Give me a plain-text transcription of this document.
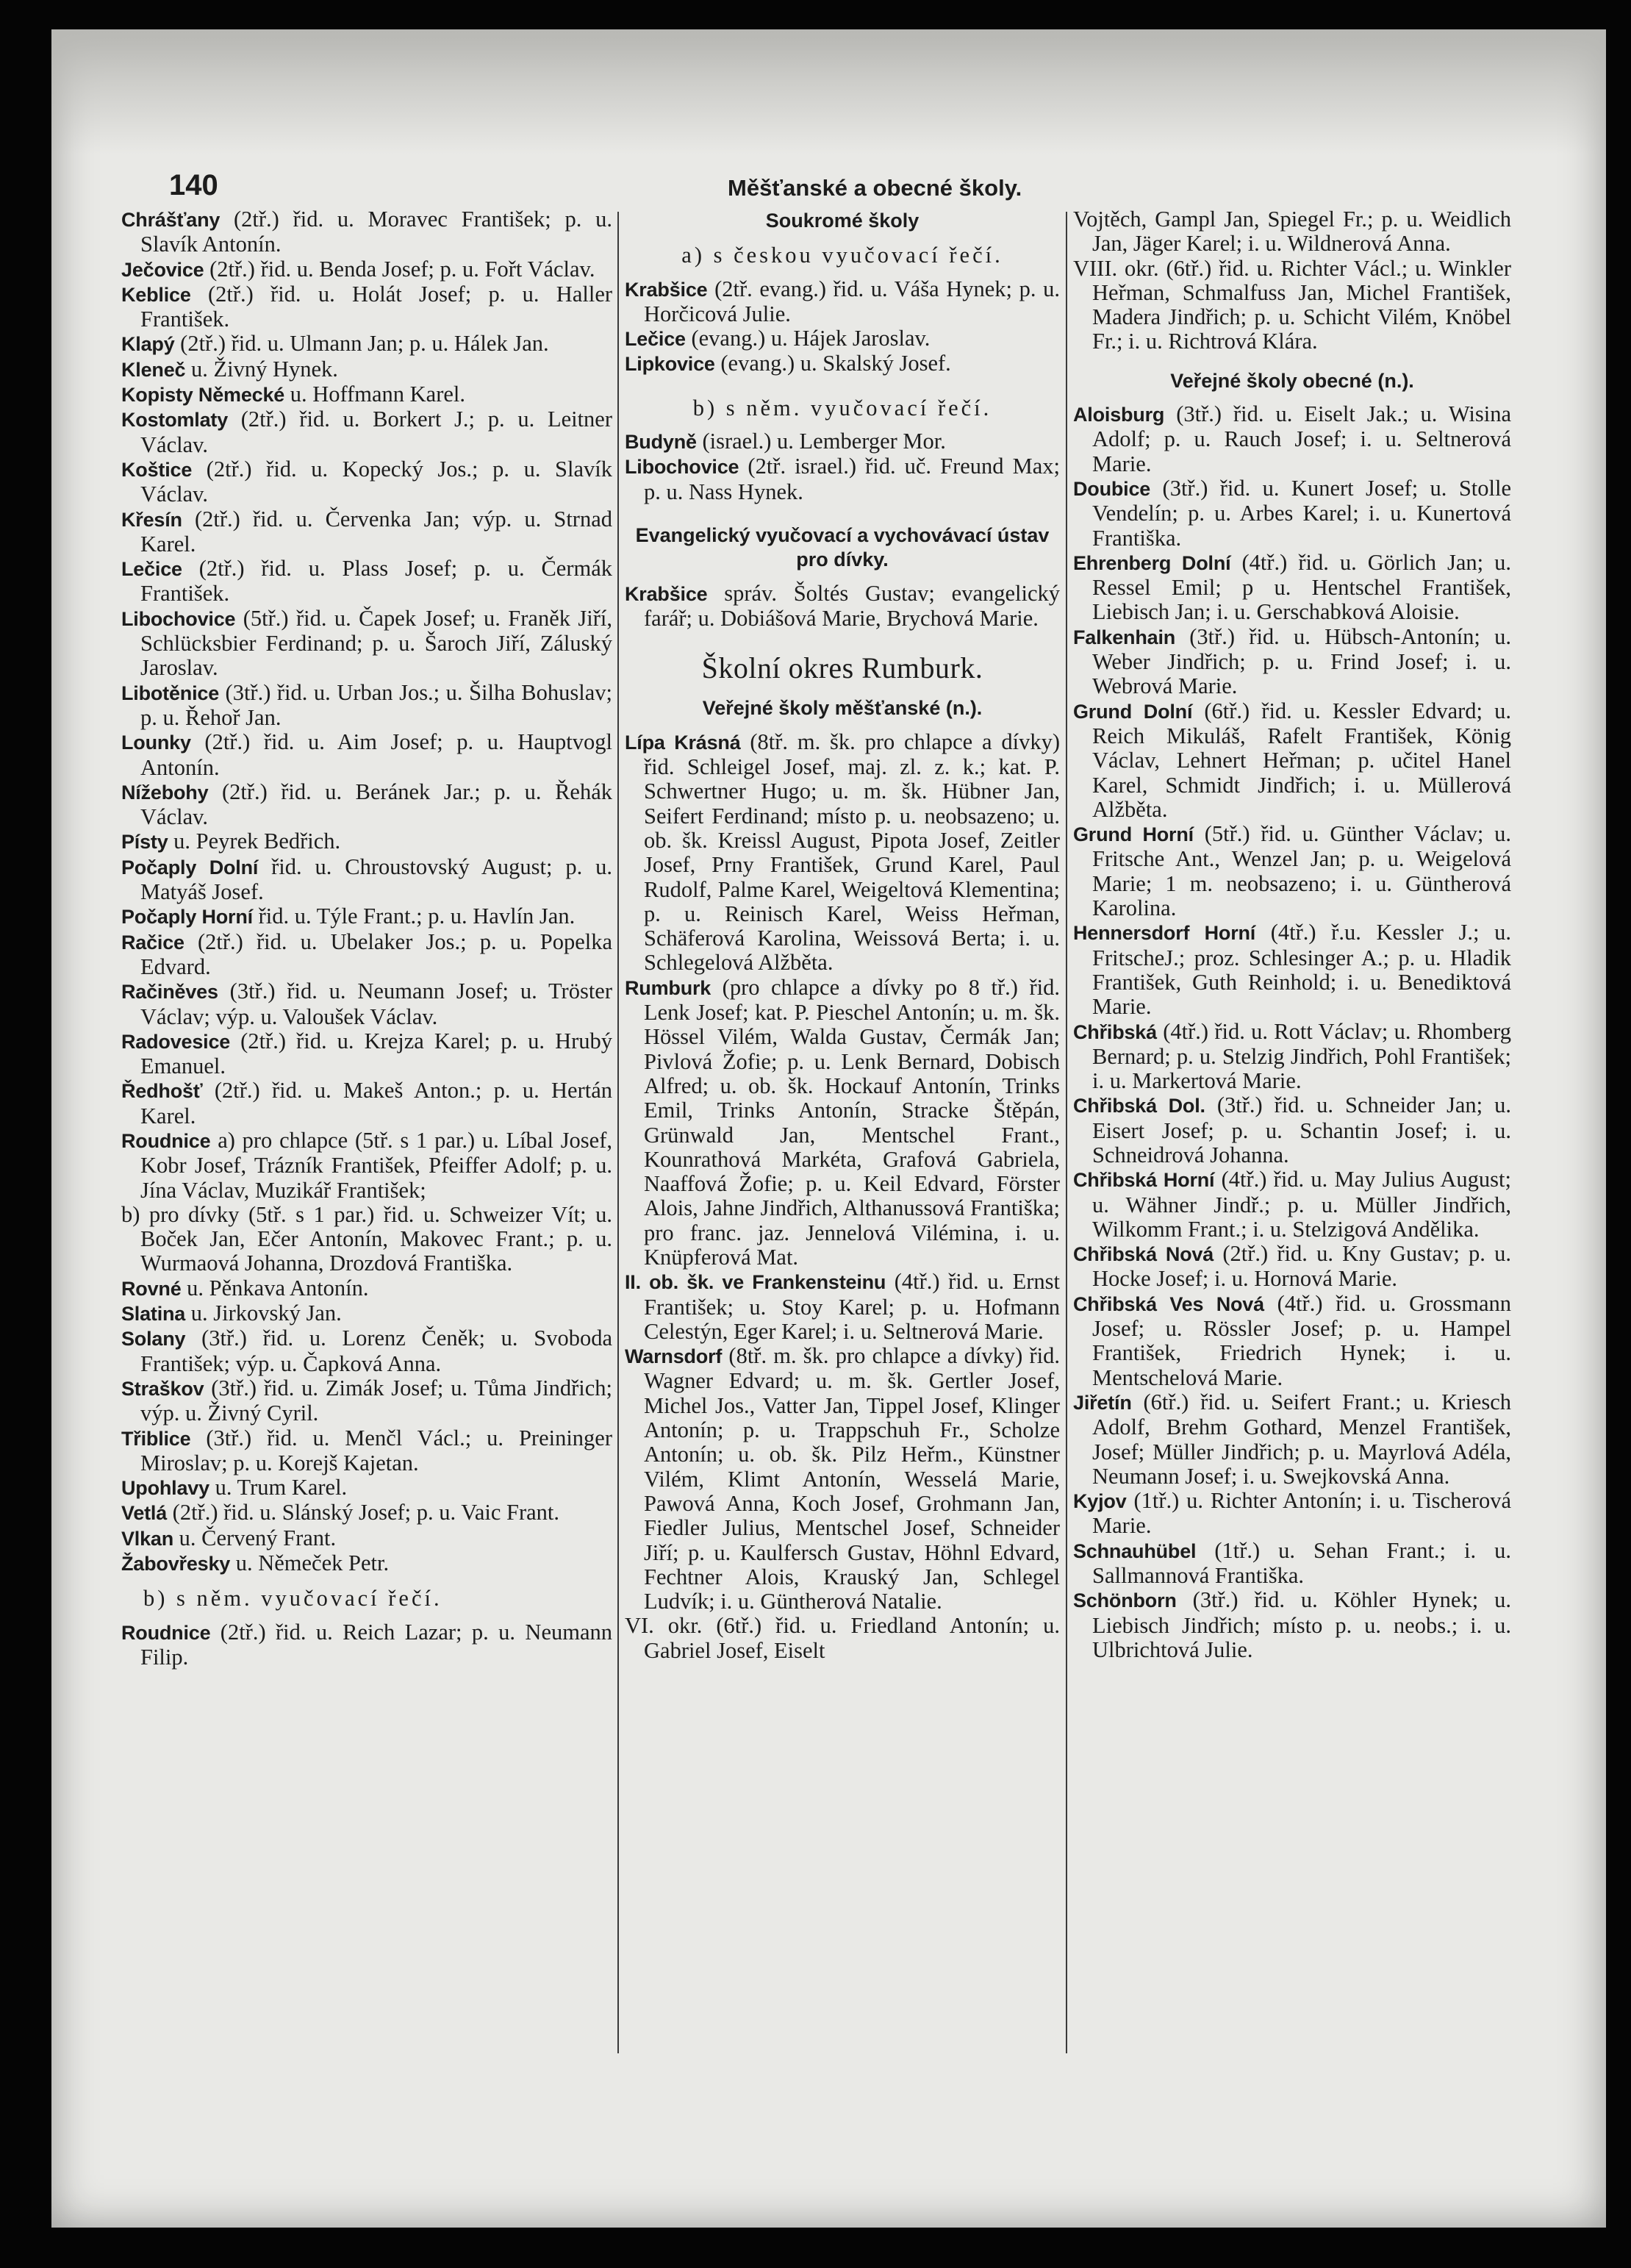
140	Měšťanské a obecné školy.

Chrášťany (2tř.) řid. u. Moravec František; p. u. Slavík Antonín.

Ječovice (2tř.) řid. u. Benda Josef; p. u. Fořt Václav.

Keblice (2tř.) řid. u. Holát Josef; p. u. Haller František.

Klapý (2tř.) řid. u. Ulmann Jan; p. u. Hálek Jan.

Kleneč u. Živný Hynek.

Kopisty Německé u. Hoffmann Karel.

Kostomlaty (2tř.) řid. u. Borkert J.; p. u. Leitner Václav.

Koštice (2tř.) řid. u. Kopecký Jos.; p. u. Slavík Václav.

Křesín (2tř.) řid. u. Červenka Jan; výp. u. Strnad Karel.

Lečice (2tř.) řid. u. Plass Josef; p. u. Čermák František.

Libochovice (5tř.) řid. u. Čapek Josef; u. Franěk Jiří, Schlücksbier Ferdinand; p. u. Šaroch Jiří, Záluský Jaroslav.

Libotěnice (3tř.) řid. u. Urban Jos.; u. Šilha Bohuslav; p. u. Řehoř Jan.

Lounky (2tř.) řid. u. Aim Josef; p. u. Hauptvogl Antonín.

Nížebohy (2tř.) řid. u. Beránek Jar.; p. u. Řehák Václav.

Písty u. Peyrek Bedřich.

Počaply Dolní řid. u. Chroustovský August; p. u. Matyáš Josef.

Počaply Horní řid. u. Týle Frant.; p. u. Havlín Jan.

Račice (2tř.) řid. u. Ubelaker Jos.; p. u. Popelka Edvard.

Račiněves (3tř.) řid. u. Neumann Josef; u. Tröster Václav; výp. u. Valoušek Václav.

Radovesice (2tř.) řid. u. Krejza Karel; p. u. Hrubý Emanuel.

Ředhošť (2tř.) řid. u. Makeš Anton.; p. u. Hertán Karel.

Roudnice a) pro chlapce (5tř. s 1 par.) u. Líbal Josef, Kobr Josef, Trázník František, Pfeiffer Adolf; p. u. Jína Václav, Muzikář František;

b) pro dívky (5tř. s 1 par.) řid. u. Schweizer Vít; u. Boček Jan, Ečer Antonín, Makovec Frant.; p. u. Wurmaová Johanna, Drozdová Františka.

Rovné u. Pěnkava Antonín.

Slatina u. Jirkovský Jan.

Solany (3tř.) řid. u. Lorenz Čeněk; u. Svoboda František; výp. u. Čapková Anna.

Straškov (3tř.) řid. u. Zimák Josef; u. Tůma Jindřich; výp. u. Živný Cyril.

Třiblice (3tř.) řid. u. Menčl Václ.; u. Preininger Miroslav; p. u. Korejš Kajetan.

Upohlavy u. Trum Karel.

Vetlá (2tř.) řid. u. Slánský Josef; p. u. Vaic Frant.

Vlkan u. Červený Frant.

Žabovřesky u. Němeček Petr.

b) s něm. vyučovací řečí.

Roudnice (2tř.) řid. u. Reich Lazar; p. u. Neumann Filip.

Soukromé školy
a) s českou vyučovací řečí.

Krabšice (2tř. evang.) řid. u. Váša Hynek; p. u. Horčicová Julie.

Lečice (evang.) u. Hájek Jaroslav.

Lipkovice (evang.) u. Skalský Josef.

b) s něm. vyučovací řečí.

Budyně (israel.) u. Lemberger Mor.

Libochovice (2tř. israel.) řid. uč. Freund Max; p. u. Nass Hynek.

Evangelický vyučovací a vychovávací ústav pro dívky.

Krabšice správ. Šoltés Gustav; evangelický farář; u. Dobiášová Marie, Brychová Marie.

Školní okres Rumburk.
Veřejné školy měšťanské (n.).

Lípa Krásná (8tř. m. šk. pro chlapce a dívky) řid. Schleigel Josef, maj. zl. z. k.; kat. P. Schwertner Hugo; u. m. šk. Hübner Jan, Seifert Ferdinand; místo p. u. neobsazeno; u. ob. šk. Kreissl August, Pipota Josef, Zeitler Josef, Prny František, Grund Karel, Paul Rudolf, Palme Karel, Weigeltová Klementina; p. u. Reinisch Karel, Weiss Heřman, Schäferová Karolina, Weissová Berta; i. u. Schlegelová Alžběta.

Rumburk (pro chlapce a dívky po 8 tř.) řid. Lenk Josef; kat. P. Pieschel Antonín; u. m. šk. Hössel Vilém, Walda Gustav, Čermák Jan; Pivlová Žofie; p. u. Lenk Bernard, Dobisch Alfred; u. ob. šk. Hockauf Antonín, Trinks Emil, Trinks Antonín, Stracke Štěpán, Grünwald Jan, Mentschel Frant., Kounrathová Markéta, Grafová Gabriela, Naaffová Žofie; p. u. Keil Edvard, Förster Alois, Jahne Jindřich, Althanussová Františka; pro franc. jaz. Jennelová Vilémina, i. u. Knüpferová Mat.

II. ob. šk. ve Frankensteinu (4tř.) řid. u. Ernst František; u. Stoy Karel; p. u. Hofmann Celestýn, Eger Karel; i. u. Seltnerová Marie.

Warnsdorf (8tř. m. šk. pro chlapce a dívky) řid. Wagner Edvard; u. m. šk. Gertler Josef, Michel Jos., Vatter Jan, Tippel Josef, Klinger Antonín; p. u. Trappschuh Fr., Scholze Antonín; u. ob. šk. Pilz Heřm., Künstner Vilém, Klimt Antonín, Wesselá Marie, Pawová Anna, Koch Josef, Grohmann Jan, Fiedler Julius, Mentschel Josef, Schneider Jiří; p. u. Kaulfersch Gustav, Höhnl Edvard, Fechtner Alois, Krauský Jan, Schlegel Ludvík; i. u. Güntherová Natalie.

VI. okr. (6tř.) řid. u. Friedland Antonín; u. Gabriel Josef, Eiselt

Vojtěch, Gampl Jan, Spiegel Fr.; p. u. Weidlich Jan, Jäger Karel; i. u. Wildnerová Anna.

VIII. okr. (6tř.) řid. u. Richter Václ.; u. Winkler Heřman, Schmalfuss Jan, Michel František, Madera Jindřich; p. u. Schicht Vilém, Knöbel Fr.; i. u. Richtrová Klára.

Veřejné školy obecné (n.).

Aloisburg (3tř.) řid. u. Eiselt Jak.; u. Wisina Adolf; p. u. Rauch Josef; i. u. Seltnerová Marie.

Doubice (3tř.) řid. u. Kunert Josef; u. Stolle Vendelín; p. u. Arbes Karel; i. u. Kunertová Františka.

Ehrenberg Dolní (4tř.) řid. u. Görlich Jan; u. Ressel Emil; p u. Hentschel František, Liebisch Jan; i. u. Gerschabková Aloisie.

Falkenhain (3tř.) řid. u. Hübsch-Antonín; u. Weber Jindřich; p. u. Frind Josef; i. u. Webrová Marie.

Grund Dolní (6tř.) řid. u. Kessler Edvard; u. Reich Mikuláš, Rafelt František, König Václav, Lehnert Heřman; p. učitel Hanel Karel, Schmidt Jindřich; i. u. Müllerová Alžběta.

Grund Horní (5tř.) řid. u. Günther Václav; u. Fritsche Ant., Wenzel Jan; p. u. Weigelová Marie; 1 m. neobsazeno; i. u. Güntherová Karolina.

Hennersdorf Horní (4tř.) ř.u. Kessler J.; u. FritscheJ.; proz. Schlesinger A.; p. u. Hladik František, Guth Reinhold; i. u. Benediktová Marie.

Chřibská (4tř.) řid. u. Rott Václav; u. Rhomberg Bernard; p. u. Stelzig Jindřich, Pohl František; i. u. Markertová Marie.

Chřibská Dol. (3tř.) řid. u. Schneider Jan; u. Eisert Josef; p. u. Schantin Josef; i. u. Schneidrová Johanna.

Chřibská Horní (4tř.) řid. u. May Julius August; u. Wähner Jindř.; p. u. Müller Jindřich, Wilkomm Frant.; i. u. Stelzigová Andělika.

Chřibská Nová (2tř.) řid. u. Kny Gustav; p. u. Hocke Josef; i. u. Hornová Marie.

Chřibská Ves Nová (4tř.) řid. u. Grossmann Josef; u. Rössler Josef; p. u. Hampel František, Friedrich Hynek; i. u. Mentschelová Marie.

Jiřetín (6tř.) řid. u. Seifert Frant.; u. Kriesch Adolf, Brehm Gothard, Menzel František, Josef; Müller Jindřich; p. u. Mayrlová Adéla, Neumann Josef; i. u. Swejkovská Anna.

Kyjov (1tř.) u. Richter Antonín; i. u. Tischerová Marie.

Schnauhübel (1tř.) u. Sehan Frant.; i. u. Sallmannová Františka.

Schönborn (3tř.) řid. u. Köhler Hynek; u. Liebisch Jindřich; místo p. u. neobs.; i. u. Ulbrichtová Julie.
